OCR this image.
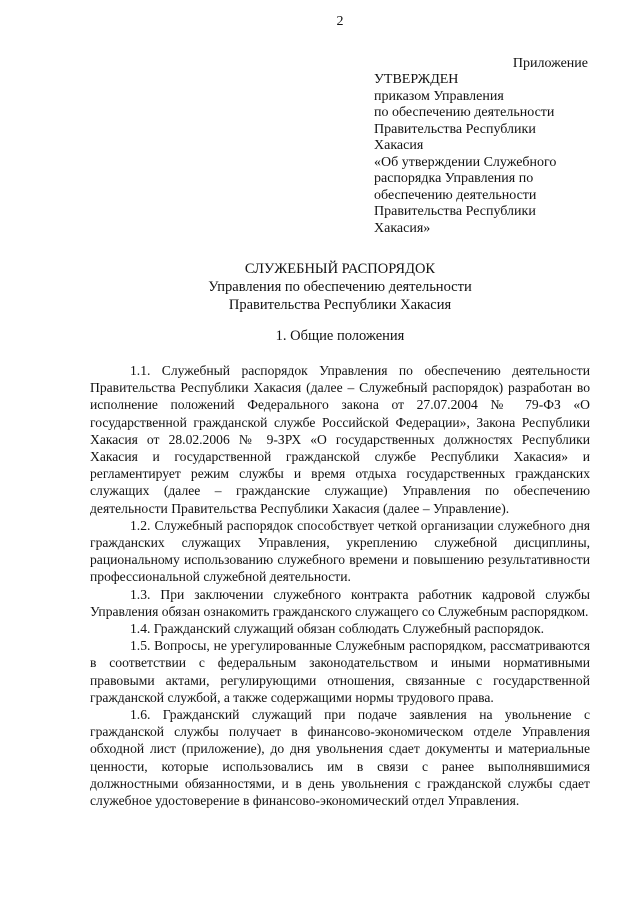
2
Приложение
УТВЕРЖДЕН
приказом Управления
по обеспечению деятельности
Правительства Республики
Хакасия
«Об утверждении Служебного
распорядка Управления по
обеспечению деятельности
Правительства Республики
Хакасия»
СЛУЖЕБНЫЙ РАСПОРЯДОК
Управления по обеспечению деятельности
Правительства Республики Хакасия
1. Общие положения

1.1. Служебный распорядок Управления по обеспечению деятельности Правительства Республики Хакасия (далее – Служебный распорядок) разработан во исполнение положений Федерального закона от 27.07.2004 № 79-ФЗ «О государственной гражданской службе Российской Федерации», Закона Республики Хакасия от 28.02.2006 № 9-ЗРХ «О государственных должностях Республики Хакасия и государственной гражданской службе Республики Хакасия» и регламентирует режим службы и время отдыха государственных гражданских служащих (далее – гражданские служащие) Управления по обеспечению деятельности Правительства Республики Хакасия (далее – Управление).

1.2. Служебный распорядок способствует четкой организации служебного дня гражданских служащих Управления, укреплению служебной дисциплины, рациональному использованию служебного времени и повышению результативности профессиональной служебной деятельности.

1.3. При заключении служебного контракта работник кадровой службы Управления обязан ознакомить гражданского служащего со Служебным распорядком.

1.4. Гражданский служащий обязан соблюдать Служебный распорядок.

1.5. Вопросы, не урегулированные Служебным распорядком, рассматриваются в соответствии с федеральным законодательством и иными нормативными правовыми актами, регулирующими отношения, связанные с государственной гражданской службой, а также содержащими нормы трудового права.

1.6. Гражданский служащий при подаче заявления на увольнение с гражданской службы получает в финансово-экономическом отделе Управления обходной лист (приложение), до дня увольнения сдает документы и материальные ценности, которые использовались им в связи с ранее выполнявшимися должностными обязанностями, и в день увольнения с гражданской службы сдает служебное удостоверение в финансово-экономический отдел Управления.
